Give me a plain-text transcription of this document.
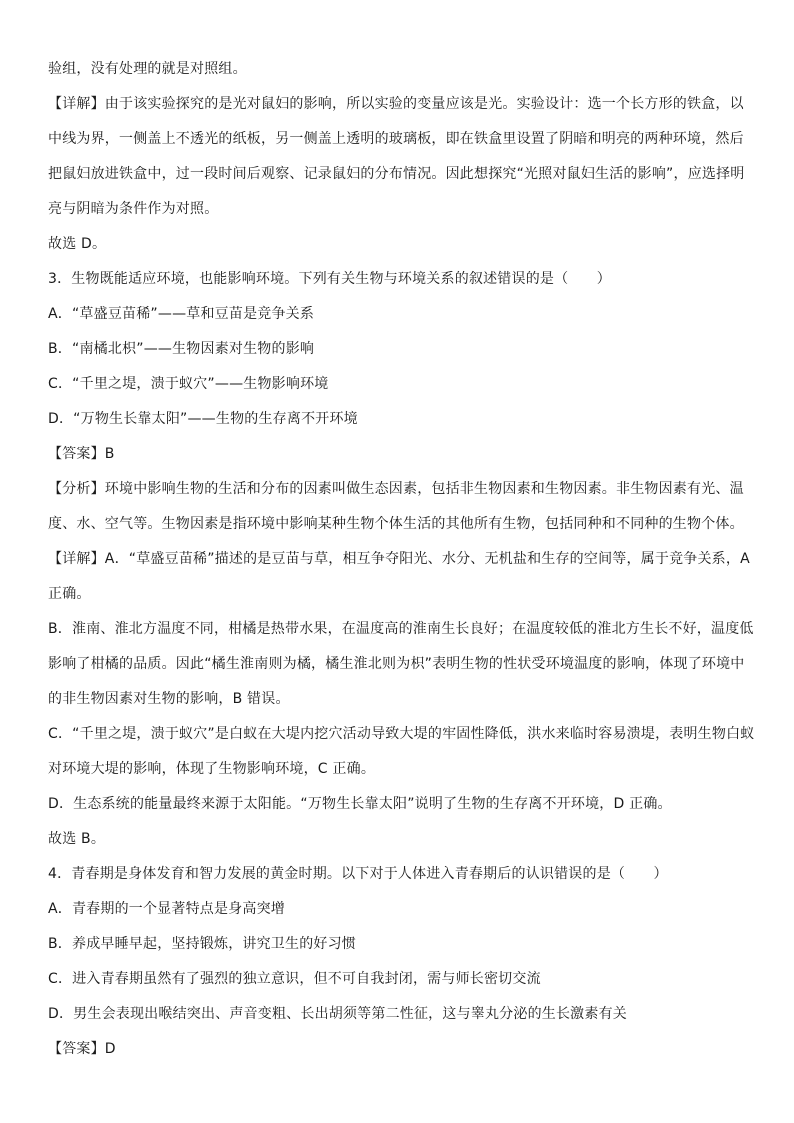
验组，没有处理的就是对照组。
【详解】由于该实验探究的是光对鼠妇的影响，所以实验的变量应该是光。实验设计：选一个长方形的铁盒，以
中线为界，一侧盖上不透光的纸板，另一侧盖上透明的玻璃板，即在铁盒里设置了阴暗和明亮的两种环境，然后
把鼠妇放进铁盒中，过一段时间后观察、记录鼠妇的分布情况。因此想探究“光照对鼠妇生活的影响”，应选择明
亮与阴暗为条件作为对照。
故选 D。
3．生物既能适应环境，也能影响环境。下列有关生物与环境关系的叙述错误的是（　　）
A．“草盛豆苗稀”——草和豆苗是竞争关系
B．“南橘北枳”——生物因素对生物的影响
C．“千里之堤，溃于蚁穴”——生物影响环境
D．“万物生长靠太阳”——生物的生存离不开环境
【答案】B
【分析】环境中影响生物的生活和分布的因素叫做生态因素，包括非生物因素和生物因素。非生物因素有光、温
度、水、空气等。生物因素是指环境中影响某种生物个体生活的其他所有生物，包括同种和不同种的生物个体。
【详解】A．“草盛豆苗稀”描述的是豆苗与草，相互争夺阳光、水分、无机盐和生存的空间等，属于竞争关系，A
正确。
B．淮南、淮北方温度不同，柑橘是热带水果，在温度高的淮南生长良好；在温度较低的淮北方生长不好，温度低
影响了柑橘的品质。因此“橘生淮南则为橘，橘生淮北则为枳”表明生物的性状受环境温度的影响，体现了环境中
的非生物因素对生物的影响，B 错误。
C．“千里之堤，溃于蚁穴”是白蚁在大堤内挖穴活动导致大堤的牢固性降低，洪水来临时容易溃堤，表明生物白蚁
对环境大堤的影响，体现了生物影响环境，C 正确。
D．生态系统的能量最终来源于太阳能。“万物生长靠太阳”说明了生物的生存离不开环境，D 正确。
故选 B。
4．青春期是身体发育和智力发展的黄金时期。以下对于人体进入青春期后的认识错误的是（　　）
A．青春期的一个显著特点是身高突增
B．养成早睡早起，坚持锻炼，讲究卫生的好习惯
C．进入青春期虽然有了强烈的独立意识，但不可自我封闭，需与师长密切交流
D．男生会表现出喉结突出、声音变粗、长出胡须等第二性征，这与睾丸分泌的生长激素有关
【答案】D
